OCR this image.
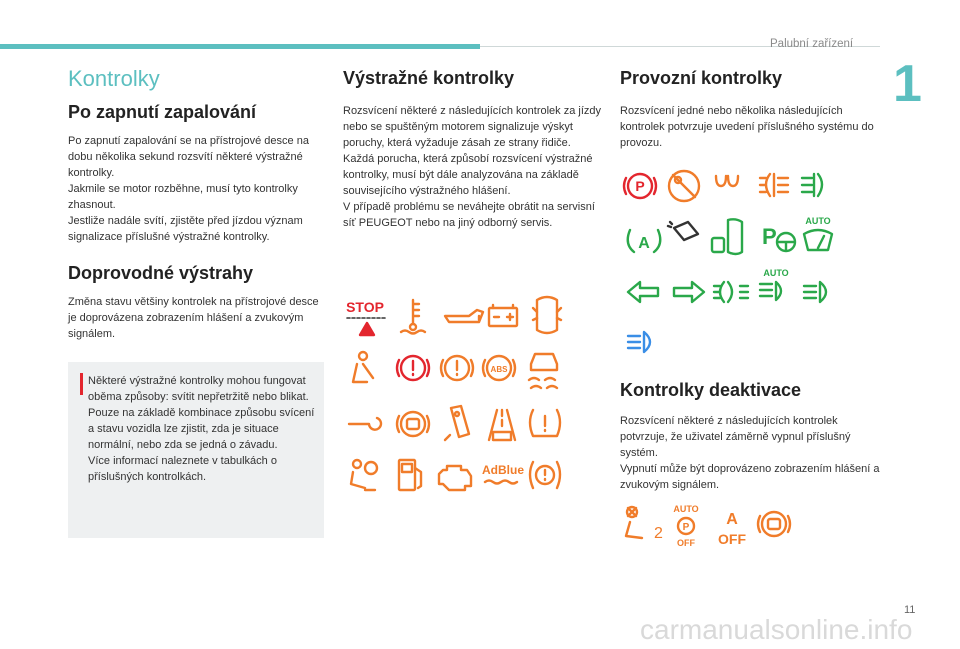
Palubní zařízení
1
Kontrolky
Po zapnutí zapalování

Po zapnutí zapalování se na přístrojové desce na dobu několika sekund rozsvítí některé výstražné kontrolky.

Jakmile se motor rozběhne, musí tyto kontrolky zhasnout.

Jestliže nadále svítí, zjistěte před jízdou význam signalizace příslušné výstražné kontrolky.

Doprovodné výstrahy

Změna stavu většiny kontrolek na přístrojové desce je doprovázena zobrazením hlášení a zvukovým signálem.

Některé výstražné kontrolky mohou fungovat oběma způsoby: svítit nepřetržitě nebo blikat.
Pouze na základě kombinace způsobu svícení a stavu vozidla lze zjistit, zda je situace normální, nebo zda se jedná o závadu.
Více informací naleznete v tabulkách o příslušných kontrolkách.
Výstražné kontrolky

Rozsvícení některé z následujících kontrolek za jízdy nebo se spuštěným motorem signalizuje výskyt poruchy, která vyžaduje zásah ze strany řidiče.

Každá porucha, která způsobí rozsvícení výstražné kontrolky, musí být dále analyzována na základě souvisejícího výstražného hlášení.

V případě problému se neváhejte obrátit na servisní síť PEUGEOT nebo na jiný odborný servis.

STOP
ABS
AdBlue
Provozní kontrolky

Rozsvícení jedné nebo několika následujících kontrolek potvrzuje uvedení příslušného systému do provozu.

P
A	P
AUTO
AUTO
Kontrolky deaktivace

Rozsvícení některé z následujících kontrolek potvrzuje, že uživatel záměrně vypnul příslušný systém.

Vypnutí může být doprovázeno zobrazením hlášení a zvukovým signálem.

2
AUTO
P
OFF
A
OFF
11
carmanualsonline.info
